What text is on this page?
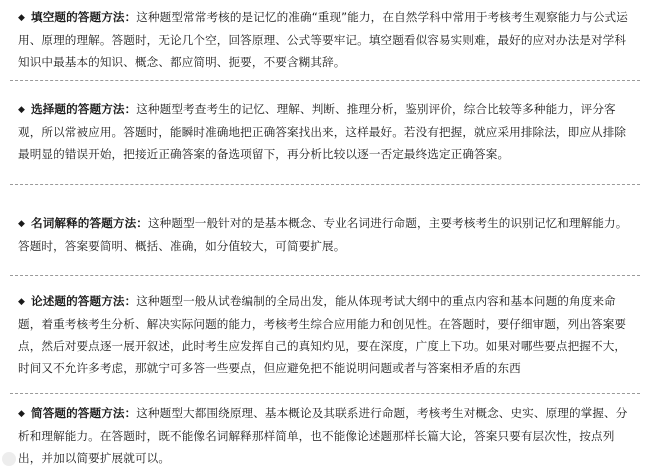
◆ 填空题的答题方法：这种题型常常考核的是记忆的准确“重现”能力，在自然学科中常用于考核考生观察能力与公式运用、原理的理解。答题时，无论几个空，回答原理、公式等要牢记。填空题看似容易实则难，最好的应对办法是对学科知识中最基本的知识、概念、都应简明、扼要，不要含糊其辞。
◆ 选择题的答题方法：这种题型考查考生的记忆、理解、判断、推理分析，鉴别评价，综合比较等多种能力，评分客观，所以常被应用。答题时，能瞬时准确地把正确答案找出来，这样最好。若没有把握，就应采用排除法，即应从排除最明显的错误开始，把接近正确答案的备选项留下，再分析比较以逐一否定最终选定正确答案。
◆ 名词解释的答题方法：这种题型一般针对的是基本概念、专业名词进行命题，主要考核考生的识别记忆和理解能力。答题时，答案要简明、概括、准确，如分值较大，可简要扩展。
◆ 论述题的答题方法：这种题型一般从试卷编制的全局出发，能从体现考试大纲中的重点内容和基本问题的角度来命题，着重考核考生分析、解决实际问题的能力，考核考生综合应用能力和创见性。在答题时，要仔细审题，列出答案要点，然后对要点逐一展开叙述，此时考生应发挥自己的真知灼见，要在深度，广度上下功。如果对哪些要点把握不大，时间又不允许多考虑，那就宁可多答一些要点，但应避免把不能说明问题或者与答案相矛盾的东西
◆ 简答题的答题方法：这种题型大都围绕原理、基本概论及其联系进行命题，考核考生对概念、史实、原理的掌握、分析和理解能力。在答题时，既不能像名词解释那样简单，也不能像论述题那样长篇大论，答案只要有层次性，按点列出，并加以简要扩展就可以。
